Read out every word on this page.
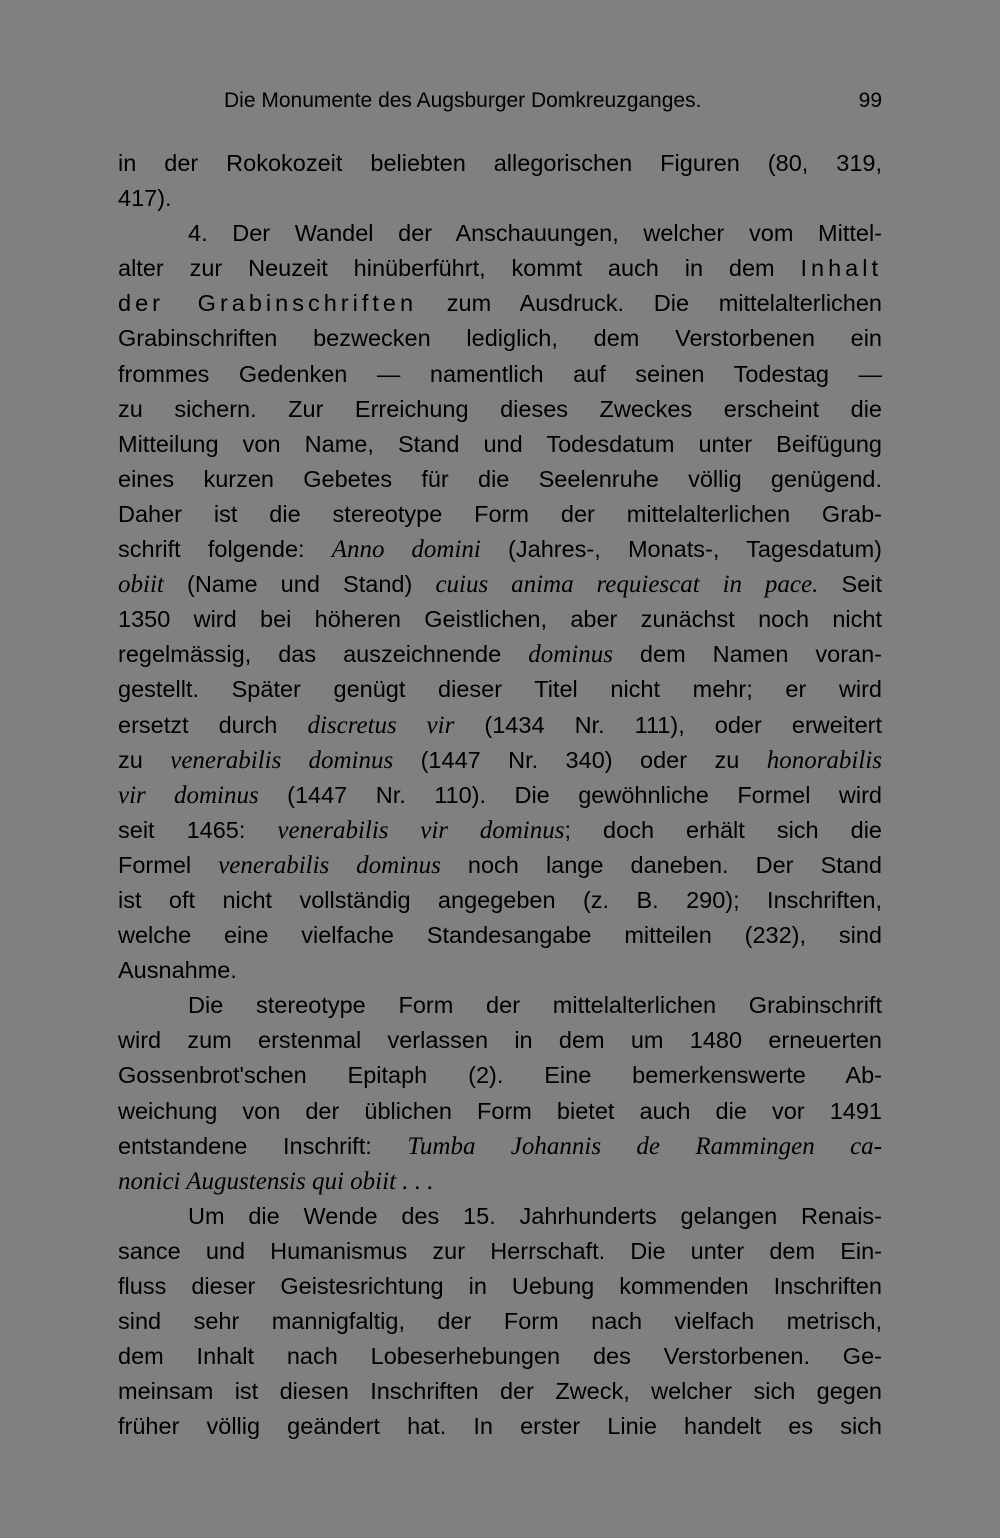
Die Monumente des Augsburger Domkreuzganges.	99
in der Rokokozeit beliebten allegorischen Figuren (80, 319,
417).
4. Der Wandel der Anschauungen, welcher vom Mittel-
alter zur Neuzeit hinüberführt, kommt auch in dem Inhalt
der Grabinschriften zum Ausdruck. Die mittelalterlichen
Grabinschriften bezwecken lediglich, dem Verstorbenen ein
frommes Gedenken — namentlich auf seinen Todestag —
zu sichern. Zur Erreichung dieses Zweckes erscheint die
Mitteilung von Name, Stand und Todesdatum unter Beifügung
eines kurzen Gebetes für die Seelenruhe völlig genügend.
Daher ist die stereotype Form der mittelalterlichen Grab-
schrift folgende: Anno domini (Jahres-, Monats-, Tagesdatum)
obiit (Name und Stand) cuius anima requiescat in pace. Seit
1350 wird bei höheren Geistlichen, aber zunächst noch nicht
regelmässig, das auszeichnende dominus dem Namen voran-
gestellt. Später genügt dieser Titel nicht mehr; er wird
ersetzt durch discretus vir (1434 Nr. 111), oder erweitert
zu venerabilis dominus (1447 Nr. 340) oder zu honorabilis
vir dominus (1447 Nr. 110). Die gewöhnliche Formel wird
seit 1465: venerabilis vir dominus; doch erhält sich die
Formel venerabilis dominus noch lange daneben. Der Stand
ist oft nicht vollständig angegeben (z. B. 290); Inschriften,
welche eine vielfache Standesangabe mitteilen (232), sind
Ausnahme.
Die stereotype Form der mittelalterlichen Grabinschrift
wird zum erstenmal verlassen in dem um 1480 erneuerten
Gossenbrot'schen Epitaph (2). Eine bemerkenswerte Ab-
weichung von der üblichen Form bietet auch die vor 1491
entstandene Inschrift: Tumba Johannis de Rammingen ca-
nonici Augustensis qui obiit . . .
Um die Wende des 15. Jahrhunderts gelangen Renais-
sance und Humanismus zur Herrschaft. Die unter dem Ein-
fluss dieser Geistesrichtung in Uebung kommenden Inschriften
sind sehr mannigfaltig, der Form nach vielfach metrisch,
dem Inhalt nach Lobeserhebungen des Verstorbenen. Ge-
meinsam ist diesen Inschriften der Zweck, welcher sich gegen
früher völlig geändert hat. In erster Linie handelt es sich
